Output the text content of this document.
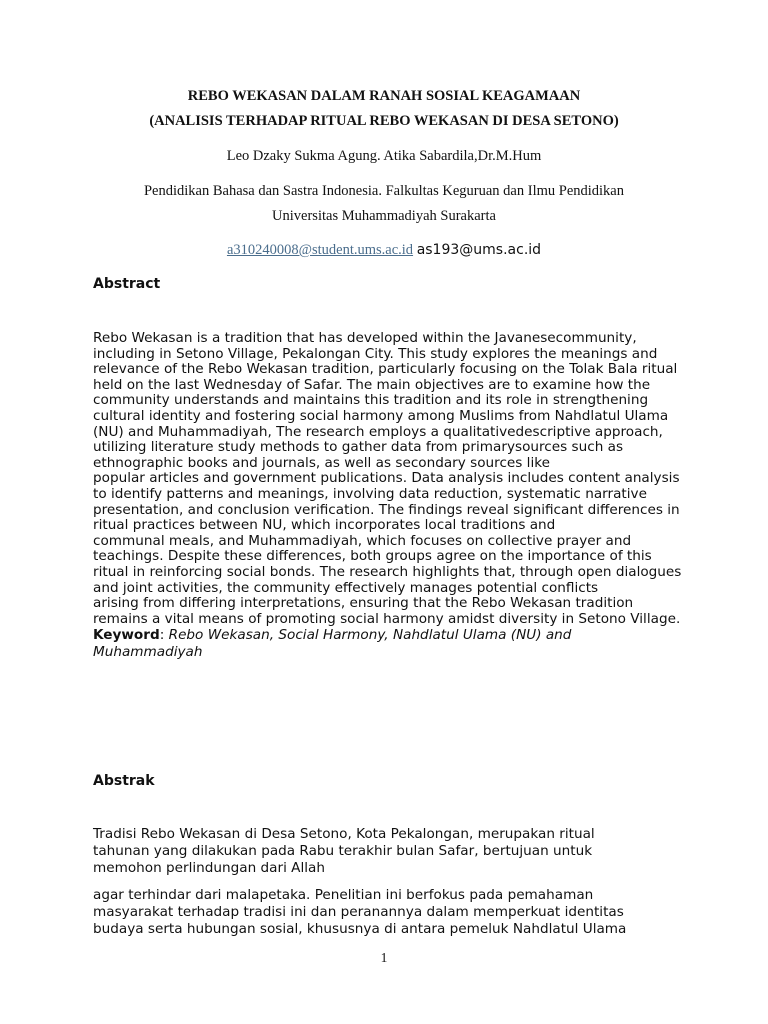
REBO WEKASAN DALAM RANAH SOSIAL KEAGAMAAN
(ANALISIS TERHADAP RITUAL REBO WEKASAN DI DESA SETONO)
Leo Dzaky Sukma Agung. Atika Sabardila,Dr.M.Hum
Pendidikan Bahasa dan Sastra Indonesia. Falkultas Keguruan dan Ilmu Pendidikan
Universitas Muhammadiyah Surakarta
a310240008@student.ums.ac.id as193@ums.ac.id
Abstract

Rebo Wekasan is a tradition that has developed within the Javanesecommunity, including in Setono Village, Pekalongan City. This study explores the meanings and relevance of the Rebo Wekasan tradition, particularly focusing on the Tolak Bala ritual held on the last Wednesday of Safar. The main objectives are to examine how the community understands and maintains this tradition and its role in strengthening cultural identity and fostering social harmony among Muslims from Nahdlatul Ulama (NU) and Muhammadiyah, The research employs a qualitativedescriptive approach, utilizing literature study methods to gather data from primarysources such as ethnographic books and journals, as well as secondary sources like

popular articles and government publications. Data analysis includes content analysis to identify patterns and meanings, involving data reduction, systematic narrative presentation, and conclusion verification. The findings reveal significant differences in ritual practices between NU, which incorporates local traditions and

communal meals, and Muhammadiyah, which focuses on collective prayer and teachings. Despite these differences, both groups agree on the importance of this

ritual in reinforcing social bonds. The research highlights that, through open dialogues and joint activities, the community effectively manages potential conflicts

arising from differing interpretations, ensuring that the Rebo Wekasan tradition remains a vital means of promoting social harmony amidst diversity in Setono Village.

Keyword: Rebo Wekasan, Social Harmony, Nahdlatul Ulama (NU) and Muhammadiyah

Abstrak
Tradisi Rebo Wekasan di Desa Setono, Kota Pekalongan, merupakan ritual tahunan yang dilakukan pada Rabu terakhir bulan Safar, bertujuan untuk memohon perlindungan dari Allah
agar terhindar dari malapetaka. Penelitian ini berfokus pada pemahaman masyarakat terhadap tradisi ini dan peranannya dalam memperkuat identitas budaya serta hubungan sosial, khususnya di antara pemeluk Nahdlatul Ulama
1
